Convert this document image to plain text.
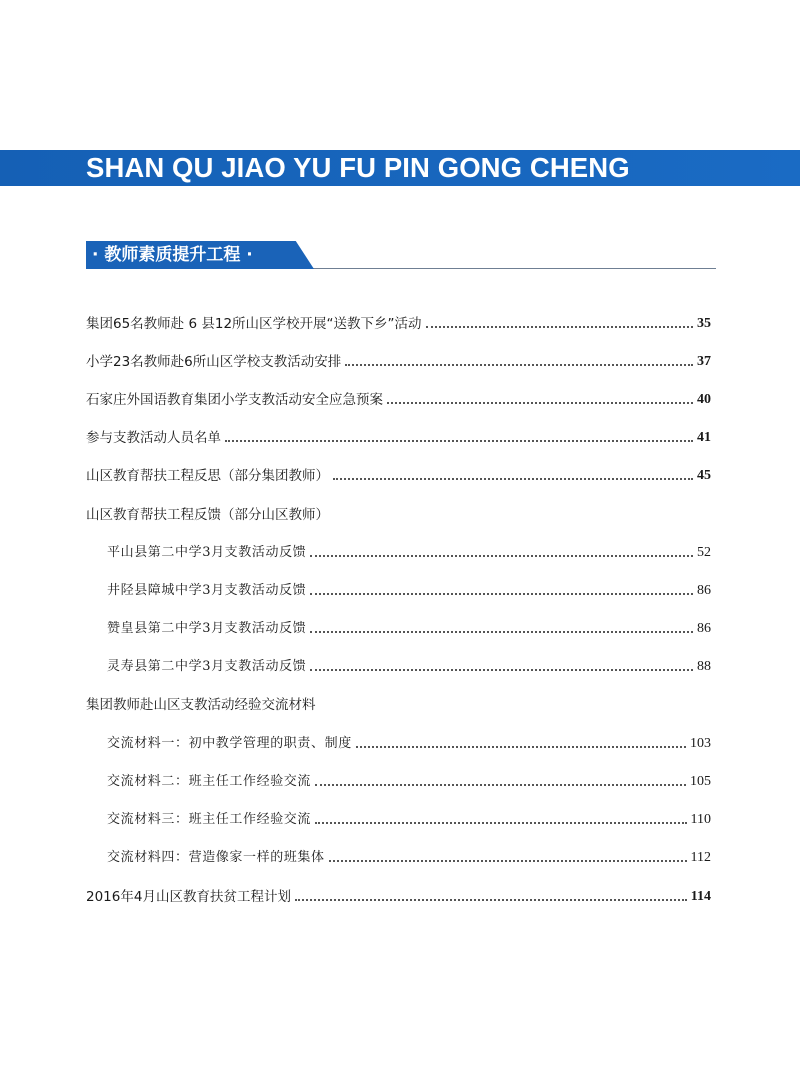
SHAN QU JIAO YU FU PIN GONG CHENG
· 教师素质提升工程 ·
集团65名教师赴 6 县12所山区学校开展“送教下乡”活动	35
小学23名教师赴6所山区学校支教活动安排	37
石家庄外国语教育集团小学支教活动安全应急预案	40
参与支教活动人员名单	41
山区教育帮扶工程反思（部分集团教师）	45
山区教育帮扶工程反馈（部分山区教师）
平山县第二中学3月支教活动反馈	52
井陉县障城中学3月支教活动反馈	86
赞皇县第二中学3月支教活动反馈	86
灵寿县第二中学3月支教活动反馈	88
集团教师赴山区支教活动经验交流材料
交流材料一：初中教学管理的职责、制度	103
交流材料二：班主任工作经验交流	105
交流材料三：班主任工作经验交流	110
交流材料四：营造像家一样的班集体	112
2016年4月山区教育扶贫工程计划	114
